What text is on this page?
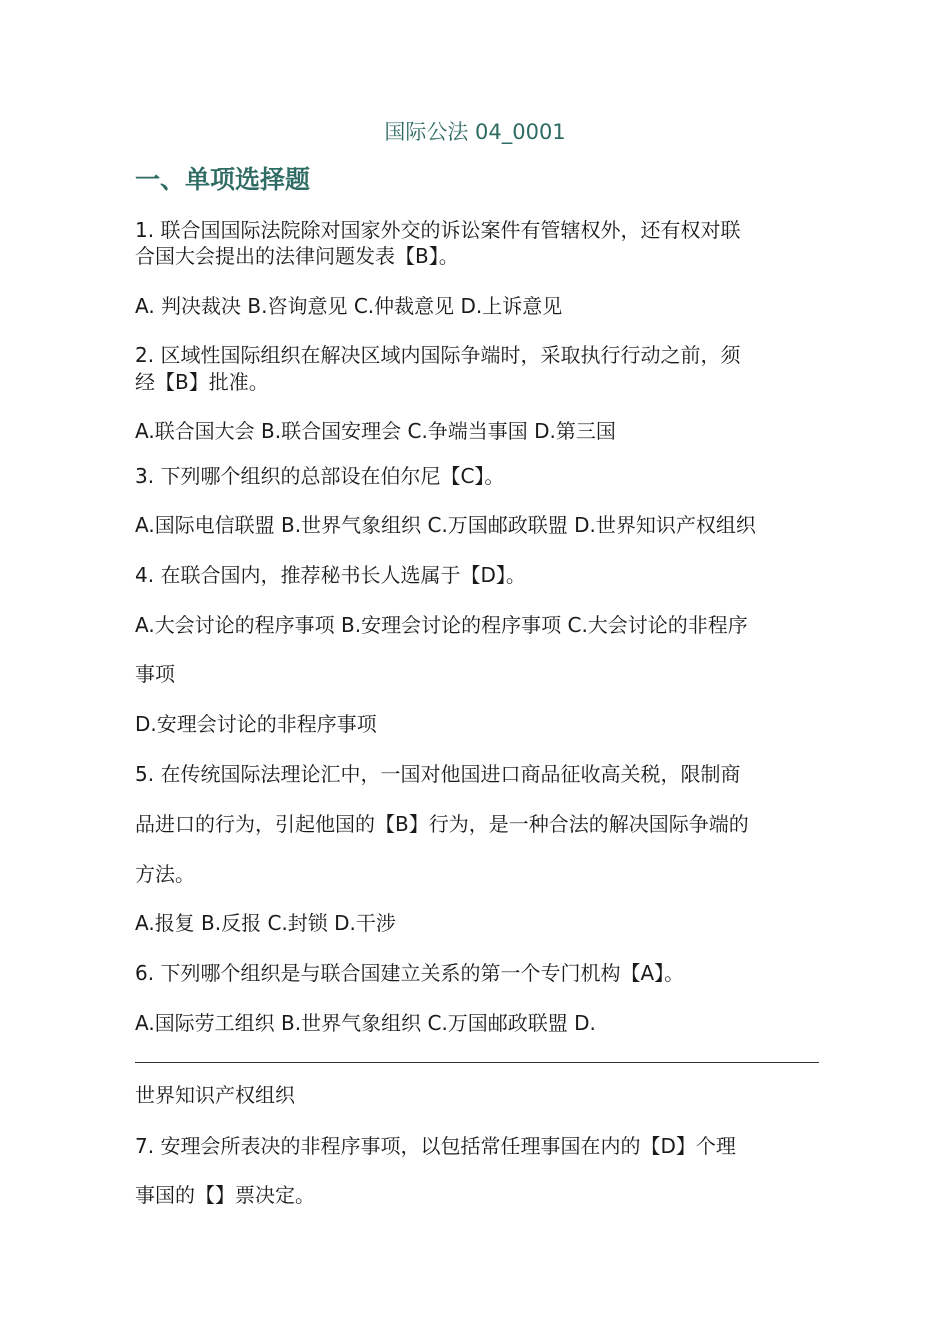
国际公法 04_0001
一、单项选择题
1. 联合国国际法院除对国家外交的诉讼案件有管辖权外，还有权对联
合国大会提出的法律问题发表【B】。
A. 判决裁决 B.咨询意见 C.仲裁意见 D.上诉意见
2. 区域性国际组织在解决区域内国际争端时，采取执行行动之前，须
经【B】批准。
A.联合国大会 B.联合国安理会 C.争端当事国 D.第三国
3. 下列哪个组织的总部设在伯尔尼【C】。
A.国际电信联盟 B.世界气象组织 C.万国邮政联盟 D.世界知识产权组织
4. 在联合国内，推荐秘书长人选属于【D】。
A.大会讨论的程序事项 B.安理会讨论的程序事项 C.大会讨论的非程序
事项
D.安理会讨论的非程序事项
5. 在传统国际法理论汇中，一国对他国进口商品征收高关税，限制商
品进口的行为，引起他国的【B】行为，是一种合法的解决国际争端的
方法。
A.报复 B.反报 C.封锁 D.干涉
6. 下列哪个组织是与联合国建立关系的第一个专门机构【A】。
A.国际劳工组织 B.世界气象组织 C.万国邮政联盟 D.
世界知识产权组织
7. 安理会所表决的非程序事项，以包括常任理事国在内的【D】个理
事国的【】票决定。
